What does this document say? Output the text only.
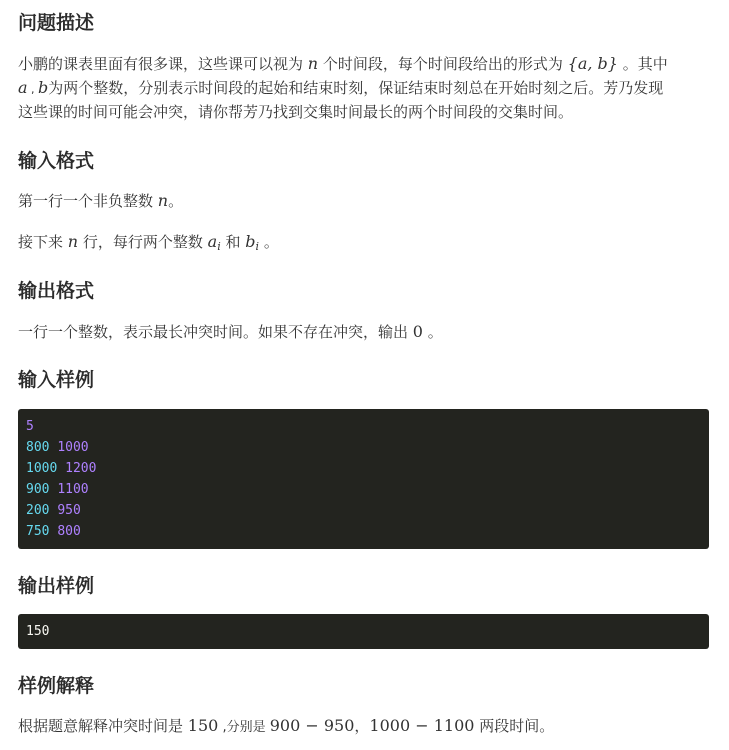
问题描述

小鹏的课表里面有很多课，这些课可以视为 n 个时间段，每个时间段给出的形式为 {a, b} 。其中

a , b为两个整数，分别表示时间段的起始和结束时刻，保证结束时刻总在开始时刻之后。芳乃发现

这些课的时间可能会冲突，请你帮芳乃找到交集时间最长的两个时间段的交集时间。

输入格式

第一行一个非负整数 n。

接下来 n 行，每行两个整数 $a_i$ 和 $b_i$ 。

输出格式

一行一个整数，表示最长冲突时间。如果不存在冲突，输出 0 。

输入样例
5
800 1000
1000 1200
900 1100
200 950
750 800
输出样例
150
样例解释

根据题意解释冲突时间是 150 ,分别是 900 − 950，1000 − 1100 两段时间。
